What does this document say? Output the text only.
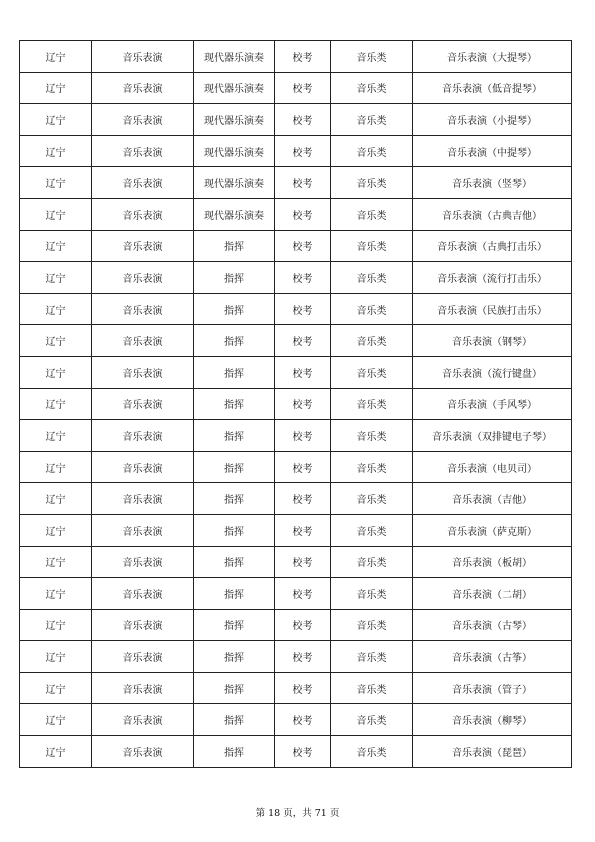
辽宁	音乐表演	现代器乐演奏	校考	音乐类	音乐表演（大提琴）
辽宁	音乐表演	现代器乐演奏	校考	音乐类	音乐表演（低音提琴）
辽宁	音乐表演	现代器乐演奏	校考	音乐类	音乐表演（小提琴）
辽宁	音乐表演	现代器乐演奏	校考	音乐类	音乐表演（中提琴）
辽宁	音乐表演	现代器乐演奏	校考	音乐类	音乐表演（竖琴）
辽宁	音乐表演	现代器乐演奏	校考	音乐类	音乐表演（古典吉他）
辽宁	音乐表演	指挥	校考	音乐类	音乐表演（古典打击乐）
辽宁	音乐表演	指挥	校考	音乐类	音乐表演（流行打击乐）
辽宁	音乐表演	指挥	校考	音乐类	音乐表演（民族打击乐）
辽宁	音乐表演	指挥	校考	音乐类	音乐表演（钢琴）
辽宁	音乐表演	指挥	校考	音乐类	音乐表演（流行键盘）
辽宁	音乐表演	指挥	校考	音乐类	音乐表演（手风琴）
辽宁	音乐表演	指挥	校考	音乐类	音乐表演（双排键电子琴）
辽宁	音乐表演	指挥	校考	音乐类	音乐表演（电贝司）
辽宁	音乐表演	指挥	校考	音乐类	音乐表演（吉他）
辽宁	音乐表演	指挥	校考	音乐类	音乐表演（萨克斯）
辽宁	音乐表演	指挥	校考	音乐类	音乐表演（板胡）
辽宁	音乐表演	指挥	校考	音乐类	音乐表演（二胡）
辽宁	音乐表演	指挥	校考	音乐类	音乐表演（古琴）
辽宁	音乐表演	指挥	校考	音乐类	音乐表演（古筝）
辽宁	音乐表演	指挥	校考	音乐类	音乐表演（管子）
辽宁	音乐表演	指挥	校考	音乐类	音乐表演（柳琴）
辽宁	音乐表演	指挥	校考	音乐类	音乐表演（琵琶）
第 18 页，共 71 页
